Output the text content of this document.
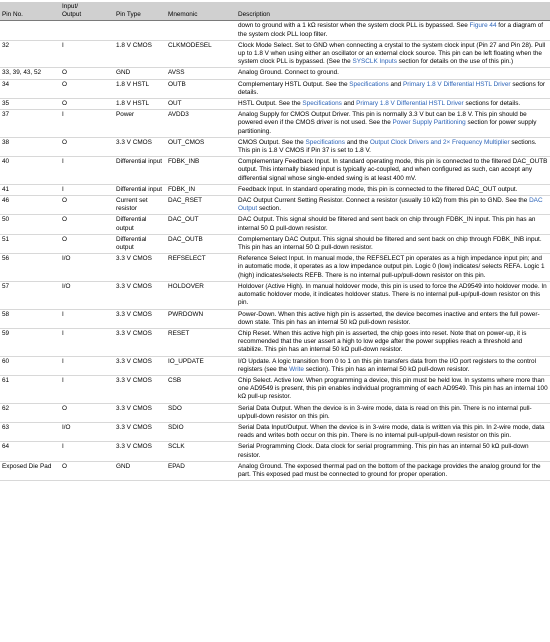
Pin No.	Input/
Output	Pin Type	Mnemonic	Description
				down to ground with a 1 kΩ resistor when the system clock PLL is bypassed. See Figure 44 for a diagram of the system clock PLL loop filter.
32	I	1.8 V CMOS	CLKMODESEL	Clock Mode Select. Set to GND when connecting a crystal to the system clock input (Pin 27 and Pin 28). Pull up to 1.8 V when using either an oscillator or an external clock source. This pin can be left floating when the system clock PLL is bypassed. (See the SYSCLK Inputs section for details on the use of this pin.)
33, 39, 43, 52	O	GND	AVSS	Analog Ground. Connect to ground.
34	O	1.8 V HSTL	OUTB	Complementary HSTL Output. See the Specifications and Primary 1.8 V Differential HSTL Driver sections for details.
35	O	1.8 V HSTL	OUT	HSTL Output. See the Specifications and Primary 1.8 V Differential HSTL Driver sections for details.
37	I	Power	AVDD3	Analog Supply for CMOS Output Driver. This pin is normally 3.3 V but can be 1.8 V. This pin should be powered even if the CMOS driver is not used. See the Power Supply Partitioning section for power supply partitioning.
38	O	3.3 V CMOS	OUT_CMOS	CMOS Output. See the Specifications and the Output Clock Drivers and 2× Frequency Multiplier sections. This pin is 1.8 V CMOS if Pin 37 is set to 1.8 V.
40	I	Differential input	FDBK_INB	Complementary Feedback Input. In standard operating mode, this pin is connected to the filtered DAC_OUTB output. This internally biased input is typically ac-coupled, and when configured as such, can accept any differential signal whose single-ended swing is at least 400 mV.
41	I	Differential input	FDBK_IN	Feedback Input. In standard operating mode, this pin is connected to the filtered DAC_OUT output.
46	O	Current set resistor	DAC_RSET	DAC Output Current Setting Resistor. Connect a resistor (usually 10 kΩ) from this pin to GND. See the DAC Output section.
50	O	Differential output	DAC_OUT	DAC Output. This signal should be filtered and sent back on chip through FDBK_IN input. This pin has an internal 50 Ω pull-down resistor.
51	O	Differential output	DAC_OUTB	Complementary DAC Output. This signal should be filtered and sent back on chip through FDBK_INB input. This pin has an internal 50 Ω pull-down resistor.
56	I/O	3.3 V CMOS	REFSELECT	Reference Select Input. In manual mode, the REFSELECT pin operates as a high impedance input pin; and in automatic mode, it operates as a low impedance output pin. Logic 0 (low) indicates/ selects REFA. Logic 1 (high) indicates/selects REFB. There is no internal pull-up/pull-down resistor on this pin.
57	I/O	3.3 V CMOS	HOLDOVER	Holdover (Active High). In manual holdover mode, this pin is used to force the AD9549 into holdover mode. In automatic holdover mode, it indicates holdover status. There is no internal pull-up/pull-down resistor on this pin.
58	I	3.3 V CMOS	PWRDOWN	Power-Down. When this active high pin is asserted, the device becomes inactive and enters the full power-down state. This pin has an internal 50 kΩ pull-down resistor.
59	I	3.3 V CMOS	RESET	Chip Reset. When this active high pin is asserted, the chip goes into reset. Note that on power-up, it is recommended that the user assert a high to low edge after the power supplies reach a threshold and stabilize. This pin has an internal 50 kΩ pull-down resistor.
60	I	3.3 V CMOS	IO_UPDATE	I/O Update. A logic transition from 0 to 1 on this pin transfers data from the I/O port registers to the control registers (see the Write section). This pin has an internal 50 kΩ pull-down resistor.
61	I	3.3 V CMOS	CSB	Chip Select. Active low. When programming a device, this pin must be held low. In systems where more than one AD9549 is present, this pin enables individual programming of each AD9549. This pin has an internal 100 kΩ pull-up resistor.
62	O	3.3 V CMOS	SDO	Serial Data Output. When the device is in 3-wire mode, data is read on this pin. There is no internal pull-up/pull-down resistor on this pin.
63	I/O	3.3 V CMOS	SDIO	Serial Data Input/Output. When the device is in 3-wire mode, data is written via this pin. In 2-wire mode, data reads and writes both occur on this pin. There is no internal pull-up/pull-down resistor on this pin.
64	I	3.3 V CMOS	SCLK	Serial Programming Clock. Data clock for serial programming. This pin has an internal 50 kΩ pull-down resistor.
Exposed Die Pad	O	GND	EPAD	Analog Ground. The exposed thermal pad on the bottom of the package provides the analog ground for the part. This exposed pad must be connected to ground for proper operation.
